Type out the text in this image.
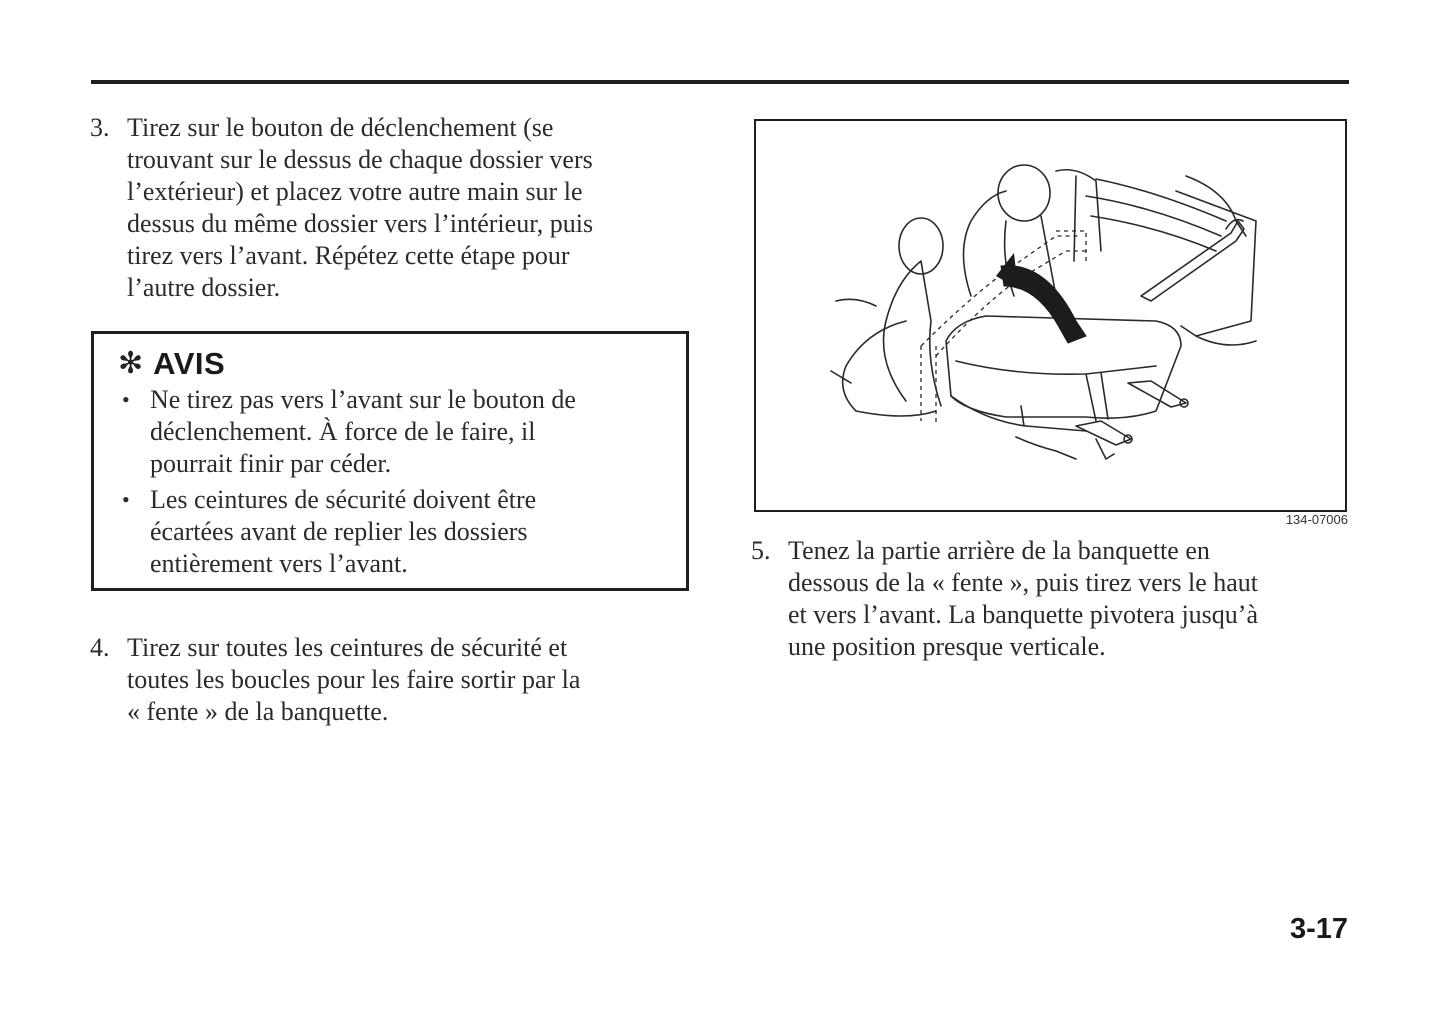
3. Tirez sur le bouton de déclenchement (se
trouvant sur le dessus de chaque dossier vers
l’extérieur) et placez votre autre main sur le
dessus du même dossier vers l’intérieur, puis
tirez vers l’avant. Répétez cette étape pour
l’autre dossier.
✻ AVIS
• Ne tirez pas vers l’avant sur le bouton de
déclenchement. À force de le faire, il
pourrait finir par céder.
• Les ceintures de sécurité doivent être
écartées avant de replier les dossiers
entièrement vers l’avant.
4. Tirez sur toutes les ceintures de sécurité et
toutes les boucles pour les faire sortir par la
« fente » de la banquette.
134-07006
5. Tenez la partie arrière de la banquette en
dessous de la « fente », puis tirez vers le haut
et vers l’avant. La banquette pivotera jusqu’à
une position presque verticale.
3-17
